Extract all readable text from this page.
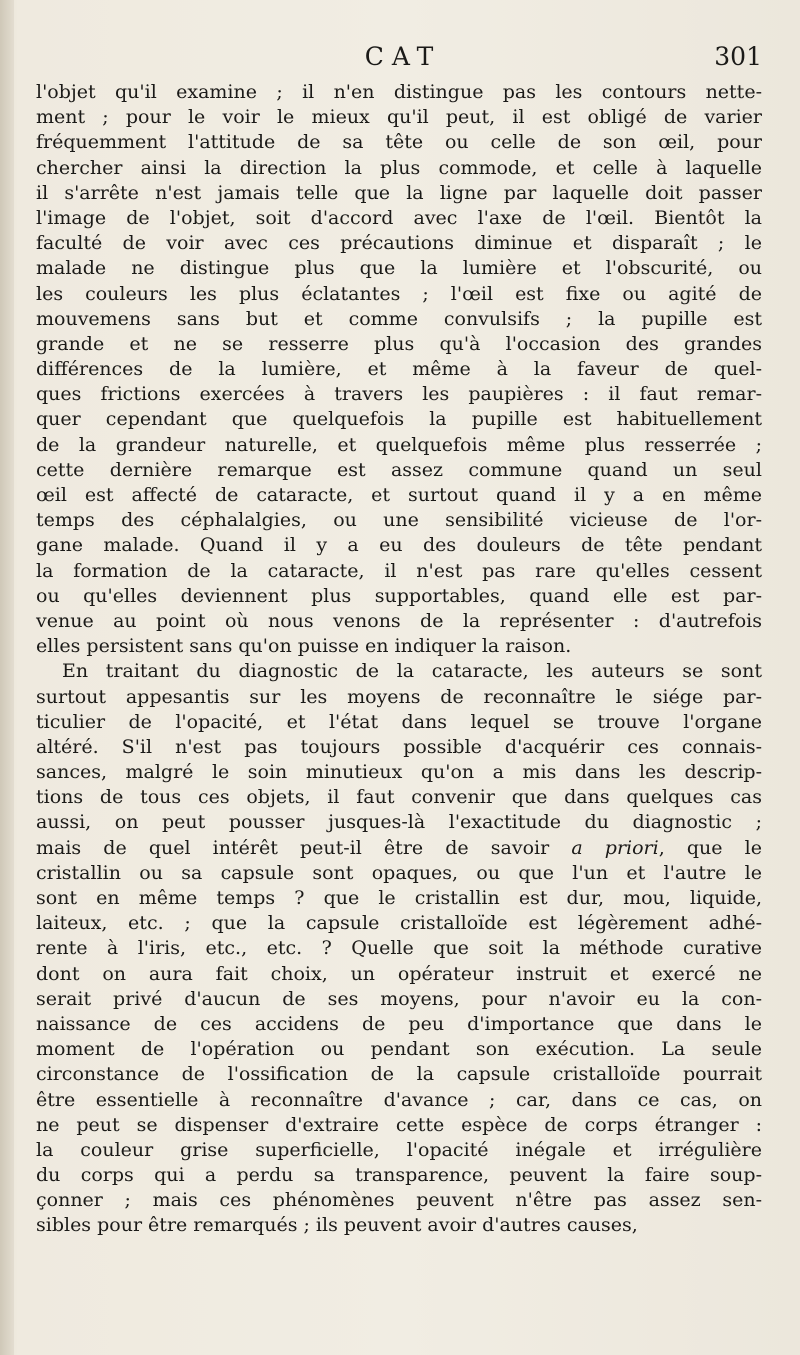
CAT	301
l'objet qu'il examine ; il n'en distingue pas les contours nette-
ment ; pour le voir le mieux qu'il peut, il est obligé de varier
fréquemment l'attitude de sa tête ou celle de son œil, pour
chercher ainsi la direction la plus commode, et celle à laquelle
il s'arrête n'est jamais telle que la ligne par laquelle doit passer
l'image de l'objet, soit d'accord avec l'axe de l'œil. Bientôt la
faculté de voir avec ces précautions diminue et disparaît ; le
malade ne distingue plus que la lumière et l'obscurité, ou
les couleurs les plus éclatantes ; l'œil est fixe ou agité de
mouvemens sans but et comme convulsifs ; la pupille est
grande et ne se resserre plus qu'à l'occasion des grandes
différences de la lumière, et même à la faveur de quel-
ques frictions exercées à travers les paupières : il faut remar-
quer cependant que quelquefois la pupille est habituellement
de la grandeur naturelle, et quelquefois même plus resserrée ;
cette dernière remarque est assez commune quand un seul
œil est affecté de cataracte, et surtout quand il y a en même
temps des céphalalgies, ou une sensibilité vicieuse de l'or-
gane malade. Quand il y a eu des douleurs de tête pendant
la formation de la cataracte, il n'est pas rare qu'elles cessent
ou qu'elles deviennent plus supportables, quand elle est par-
venue au point où nous venons de la représenter : d'autrefois
elles persistent sans qu'on puisse en indiquer la raison.
En traitant du diagnostic de la cataracte, les auteurs se sont
surtout appesantis sur les moyens de reconnaître le siége par-
ticulier de l'opacité, et l'état dans lequel se trouve l'organe
altéré. S'il n'est pas toujours possible d'acquérir ces connais-
sances, malgré le soin minutieux qu'on a mis dans les descrip-
tions de tous ces objets, il faut convenir que dans quelques cas
aussi, on peut pousser jusques-là l'exactitude du diagnostic ;
mais de quel intérêt peut-il être de savoir a priori, que le
cristallin ou sa capsule sont opaques, ou que l'un et l'autre le
sont en même temps ? que le cristallin est dur, mou, liquide,
laiteux, etc. ; que la capsule cristalloïde est légèrement adhé-
rente à l'iris, etc., etc. ? Quelle que soit la méthode curative
dont on aura fait choix, un opérateur instruit et exercé ne
serait privé d'aucun de ses moyens, pour n'avoir eu la con-
naissance de ces accidens de peu d'importance que dans le
moment de l'opération ou pendant son exécution. La seule
circonstance de l'ossification de la capsule cristalloïde pourrait
être essentielle à reconnaître d'avance ; car, dans ce cas, on
ne peut se dispenser d'extraire cette espèce de corps étranger :
la couleur grise superficielle, l'opacité inégale et irrégulière
du corps qui a perdu sa transparence, peuvent la faire soup-
çonner ; mais ces phénomènes peuvent n'être pas assez sen-
sibles pour être remarqués ; ils peuvent avoir d'autres causes,
